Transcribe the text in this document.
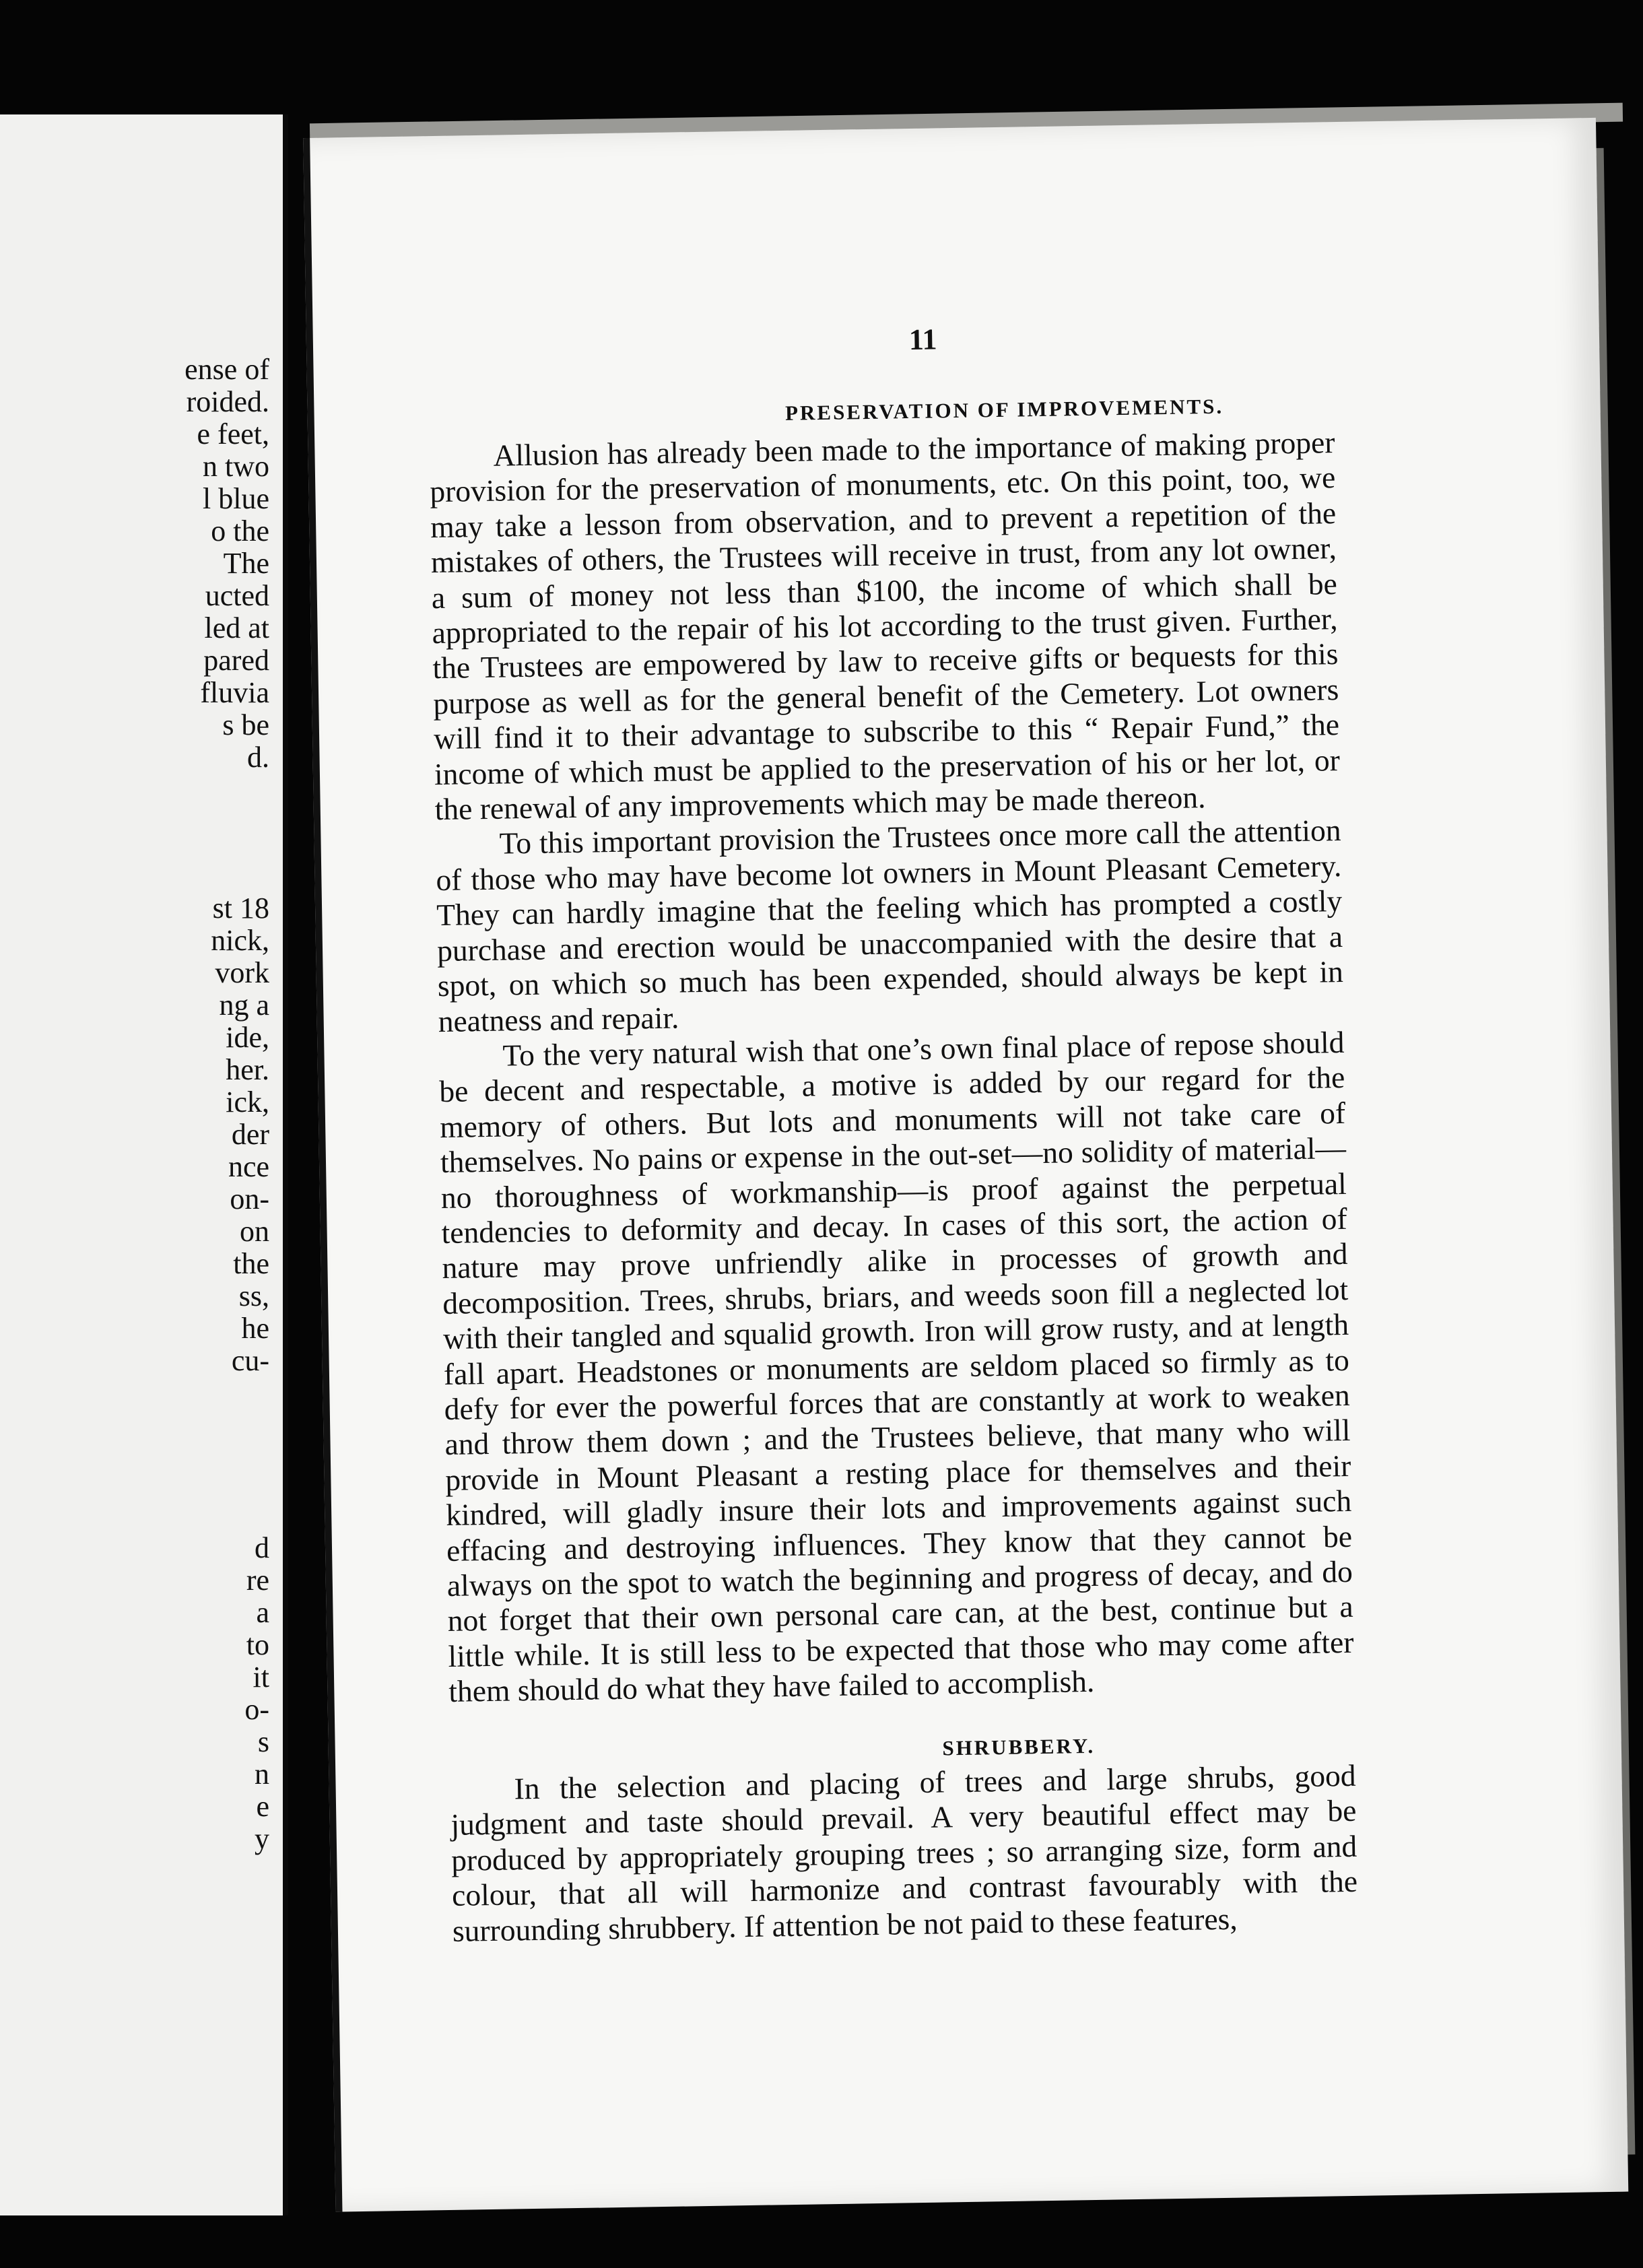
ense of
roided.
e feet,
n two
l blue
o the
The
ucted
led at
pared
fluvia
s be
d.
st 18
nick,
vork
ng a
ide,
her.
ick,
der
nce
on-
on
the
ss,
he
cu-
d
re
a
to
it
o-
s
n
e
y
11
PRESERVATION OF IMPROVEMENTS.

Allusion has already been made to the importance of making proper provision for the preservation of monuments, etc. On this point, too, we may take a lesson from observation, and to prevent a repetition of the mistakes of others, the Trustees will receive in trust, from any lot owner, a sum of money not less than $100, the income of which shall be appropriated to the repair of his lot according to the trust given. Further, the Trustees are empowered by law to receive gifts or bequests for this purpose as well as for the general benefit of the Cemetery. Lot owners will find it to their advantage to subscribe to this “ Repair Fund,” the income of which must be applied to the preservation of his or her lot, or the renewal of any improvements which may be made thereon.

To this important provision the Trustees once more call the attention of those who may have become lot owners in Mount Pleasant Cemetery. They can hardly imagine that the feeling which has prompted a costly purchase and erection would be unaccompanied with the desire that a spot, on which so much has been expended, should always be kept in neatness and repair.

To the very natural wish that one’s own final place of repose should be decent and respectable, a motive is added by our regard for the memory of others. But lots and monuments will not take care of themselves. No pains or expense in the out-set—no solidity of material—no thoroughness of workmanship—is proof against the perpetual tendencies to deformity and decay. In cases of this sort, the action of nature may prove unfriendly alike in processes of growth and decomposition. Trees, shrubs, briars, and weeds soon fill a neglected lot with their tangled and squalid growth. Iron will grow rusty, and at length fall apart. Headstones or monuments are seldom placed so firmly as to defy for ever the powerful forces that are constantly at work to weaken and throw them down ; and the Trustees believe, that many who will provide in Mount Pleasant a resting place for themselves and their kindred, will gladly insure their lots and improvements against such effacing and destroying influences. They know that they cannot be always on the spot to watch the beginning and progress of decay, and do not forget that their own personal care can, at the best, continue but a little while. It is still less to be expected that those who may come after them should do what they have failed to accomplish.

SHRUBBERY.

In the selection and placing of trees and large shrubs, good judgment and taste should prevail. A very beautiful effect may be produced by appropriately grouping trees ; so arranging size, form and colour, that all will harmonize and contrast favourably with the surrounding shrubbery. If attention be not paid to these features,
